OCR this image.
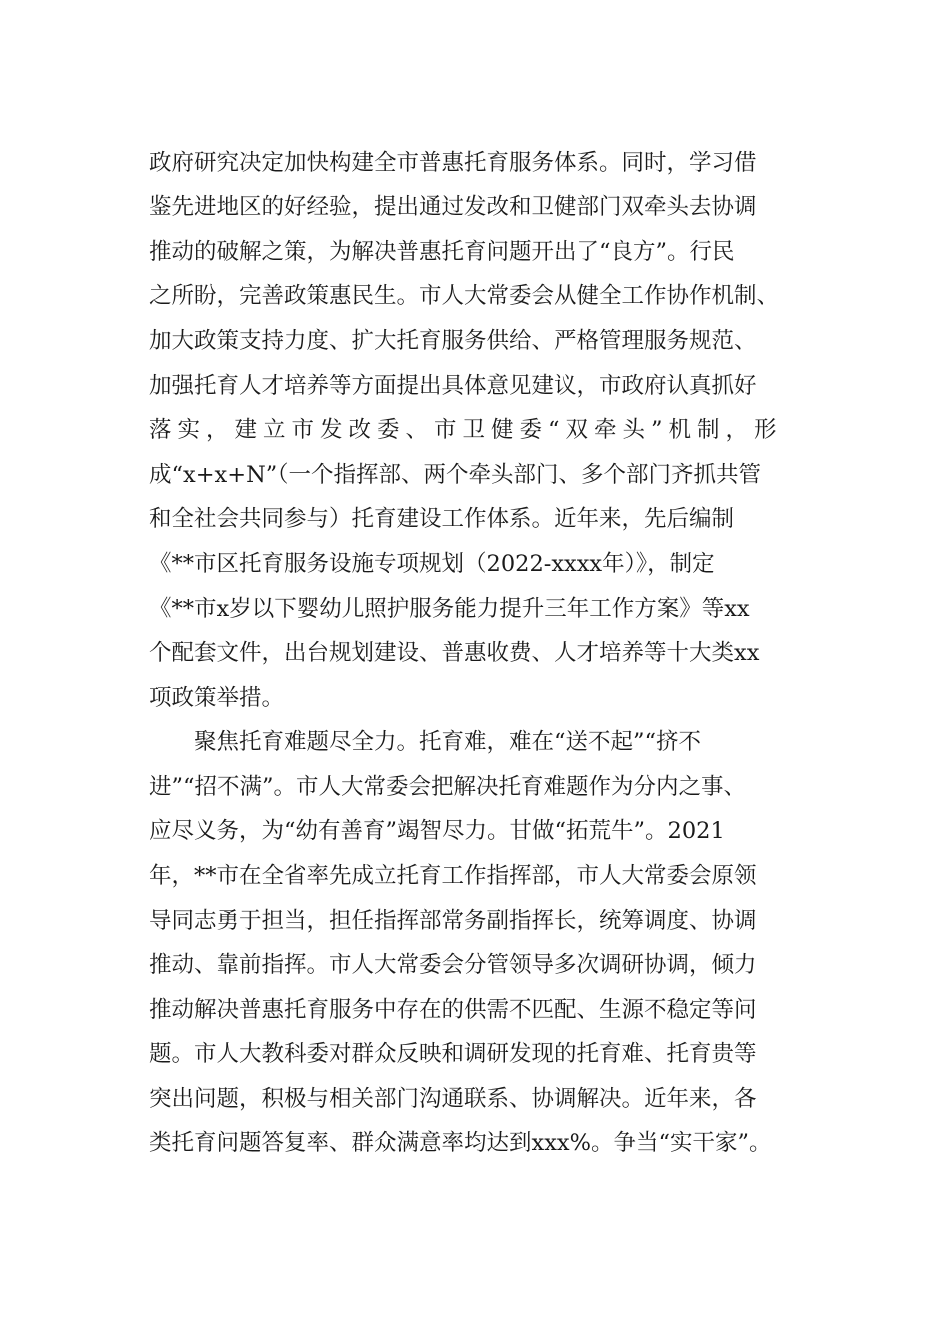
政府研究决定加快构建全市普惠托育服务体系。同时，学习借
鉴先进地区的好经验，提出通过发改和卫健部门双牵头去协调
推动的破解之策，为解决普惠托育问题开出了“良方”。行民
之所盼，完善政策惠民生。市人大常委会从健全工作协作机制、
加大政策支持力度、扩大托育服务供给、严格管理服务规范、
加强托育人才培养等方面提出具体意见建议，市政府认真抓好
落实，建立市发改委、市卫健委“双牵头”机制，形
成“x+x+N”（一个指挥部、两个牵头部门、多个部门齐抓共管
和全社会共同参与）托育建设工作体系。近年来，先后编制
《**市区托育服务设施专项规划（2022-xxxx年）》，制定
《**市x岁以下婴幼儿照护服务能力提升三年工作方案》等xx
个配套文件，出台规划建设、普惠收费、人才培养等十大类xx
项政策举措。
聚焦托育难题尽全力。托育难，难在“送不起”“挤不
进”“招不满”。市人大常委会把解决托育难题作为分内之事、
应尽义务，为“幼有善育”竭智尽力。甘做“拓荒牛”。2021
年，**市在全省率先成立托育工作指挥部，市人大常委会原领
导同志勇于担当，担任指挥部常务副指挥长，统筹调度、协调
推动、靠前指挥。市人大常委会分管领导多次调研协调，倾力
推动解决普惠托育服务中存在的供需不匹配、生源不稳定等问
题。市人大教科委对群众反映和调研发现的托育难、托育贵等
突出问题，积极与相关部门沟通联系、协调解决。近年来，各
类托育问题答复率、群众满意率均达到xxx%。争当“实干家”。
